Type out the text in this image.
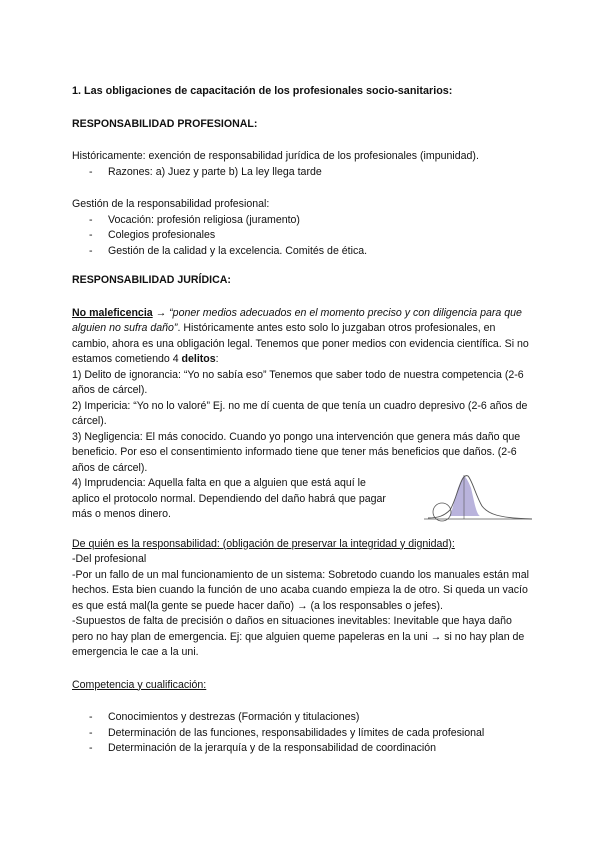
1. Las obligaciones de capacitación de los profesionales socio-sanitarios:

RESPONSABILIDAD PROFESIONAL:

Históricamente: exención de responsabilidad jurídica de los profesionales (impunidad).

- Razones: a) Juez y parte b) La ley llega tarde

Gestión de la responsabilidad profesional:

- Vocación: profesión religiosa (juramento)
- Colegios profesionales
- Gestión de la calidad y la excelencia. Comités de ética.

RESPONSABILIDAD JURÍDICA:

No maleficencia → “poner medios adecuados en el momento preciso y con diligencia para que alguien no sufra daño”. Históricamente antes esto solo lo juzgaban otros profesionales, en cambio, ahora es una obligación legal. Tenemos que poner medios con evidencia científica. Si no estamos cometiendo 4 delitos:

1) Delito de ignorancia: “Yo no sabía eso” Tenemos que saber todo de nuestra competencia (2-6 años de cárcel).

2) Impericia: “Yo no lo valoré” Ej. no me dí cuenta de que tenía un cuadro depresivo (2-6 años de cárcel).

3) Negligencia: El más conocido. Cuando yo pongo una intervención que genera más daño que beneficio. Por eso el consentimiento informado tiene que tener más beneficios que daños. (2-6 años de cárcel).

4) Imprudencia: Aquella falta en que a alguien que está aquí le aplico el protocolo normal. Dependiendo del daño habrá que pagar más o menos dinero.

De quién es la responsabilidad: (obligación de preservar la integridad y dignidad):

-Del profesional

-Por un fallo de un mal funcionamiento de un sistema: Sobretodo cuando los manuales están mal hechos. Esta bien cuando la función de uno acaba cuando empieza la de otro. Si queda un vacío es que está mal(la gente se puede hacer daño) → (a los responsables o jefes).

-Supuestos de falta de precisión o daños en situaciones inevitables: Inevitable que haya daño pero no hay plan de emergencia. Ej: que alguien queme papeleras en la uni → si no hay plan de emergencia le cae a la uni.

Competencia y cualificación:

- Conocimientos y destrezas (Formación y titulaciones)
- Determinación de las funciones, responsabilidades y límites de cada profesional
- Determinación de la jerarquía y de la responsabilidad de coordinación
